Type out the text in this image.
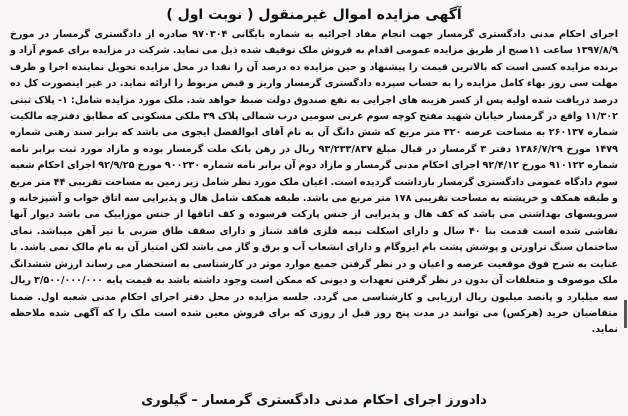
آگهی مزایده اموال غیرمنقول ( نوبت اول )

اجرای احکام مدنی دادگستری گرمسار جهت انجام مفاد اجرائیه به شماره بایگانی ۹۷۰۳۰۴ صادره از دادگستری گرمسار در مورخ ۱۳۹۷/۸/۹ ساعت ۱۱صبح از طریق مزایده عمومی اقدام به فروش ملک توقیف شده ذیل می نماید. شرکت در مزایده برای عموم آزاد و برنده مزایده کسی است که بالاترین قیمت را پیشنهاد و حین مزایده ده درصد آن را نقدا در محل مزایده تحویل نماینده اجرا و ظرف مهلت سی روز بهاء کامل مزایده را به حساب سپرده دادگستری گرمسار واریز و قبض مربوط را ارائه نماید. در غیر اینصورت کل ده درصد دریافت شده اولیه پس از کسر هزینه های اجرایی به نفع صندوق دولت ضبط خواهد شد. ملک مورد مزایده شامل: ۱- پلاک ثبتی ۱۱/۳۰۲ واقع در گرمسار خیابان شهید مفتح کوچه سوم غربی سومین درب شمالی پلاک ۳۹ ملکی مسکونی که مطابق دفترچه مالکیت شماره ۲۶۰۱۳۷ به مساحت عرصه ۳۲۰ متر مربع که شش دانگ آن به نام آقای ابوالفضل ایجوی می باشد که برابر سند رهنی شماره ۱۴۷۹ مورخ ۱۳۸۶/۷/۲۹ دفتر ۳ گرمسار در قبال مبلغ ۹۳/۲۳۳/۸۳۷ ریال در رهن بانک ملت گرمسار بوده و مازاد مورد ثبت برابر نامه شماره ۹۱۰۱۲۲ مورخ ۹۲/۴/۱۲ اجرای احکام مدنی گرمسار و مازاد دوم آن برابر نامه شماره ۹۰۰۲۳۰ مورخ ۹۲/۹/۲۵ اجرای احکام شعبه سوم دادگاه عمومی دادگستری گرمسار بازداشت گردیده است. اعیان ملک مورد نظر شامل زیر زمین به مساحت تقریبی ۴۴ متر مربع و طبقه همکف و خرپشته به مساحت تقریبی ۱۷۸ متر مربع می باشد. طبقه همکف شامل هال و پذیرایی سه اتاق خواب و آشپزخانه و سرویسهای بهداشتی می باشد که کف هال و پذیرایی از جنس پارکت فرسوده و کف اتاقها از جنس موزاییک می باشد دیوار آنها نقاشی شده است قدمت بنا ۴۰ سال و دارای اسکلت نیمه فلزی فاقد شناژ و دارای سقف طاق ضربی با تیر آهن میباشد. نمای ساختمان سنگ تراورتن و پوشش پشت بام ایزوگام و دارای انشعاب آب و برق و گاز می باشد لکن امتیاز آن به نام مالک نمی باشد. با عنایت به شرح فوق موقعیت عرصه و اعیان و در نظر گرفتن جمیع موارد موثر در کارشناسی به استحضار می رساند ارزش ششدانگ ملک موصوف و متعلقات آن بدون در نظر گرفتن تعهدات و دیونی که ممکن است وجود داشته باشد به قیمت پایه ۳/۵۰۰/۰۰۰/۰۰۰ ریال سه میلیارد و پانصد میلیون ریال ارزیابی و کارشناسی می گردد. جلسه مزایده در محل دفتر اجرای احکام مدنی شعبه اول. ضمنا متقاضیان خرید (هرکس) می توانند در مدت پنج روز قبل از روزی که برای فروش معین شده است ملک را که آگهی شده ملاحظه نماید.

دادورز اجرای احکام مدنی دادگستری گرمسار – گیلوری
